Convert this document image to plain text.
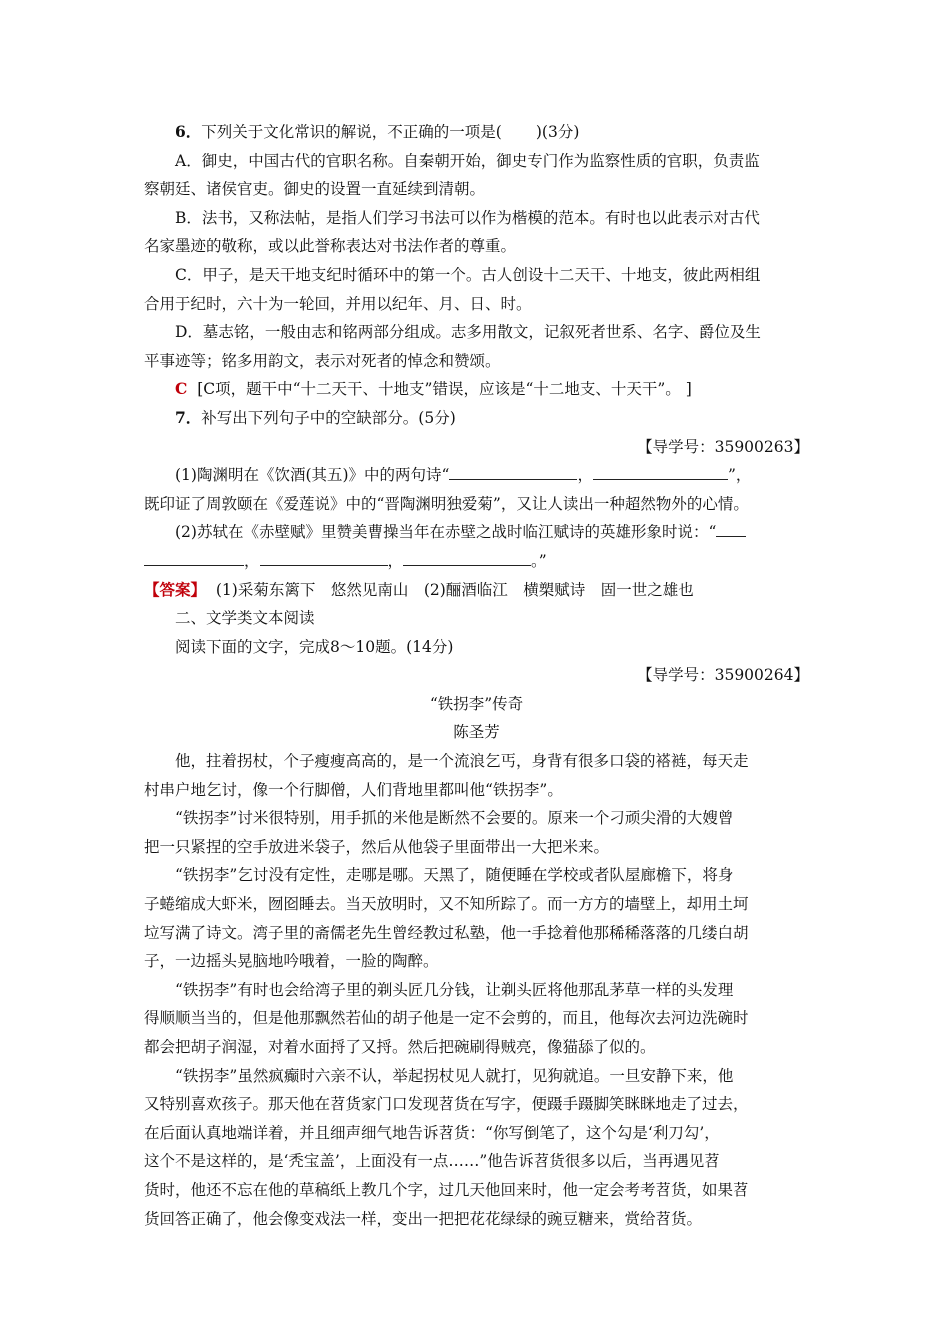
6．下列关于文化常识的解说，不正确的一项是( )(3分)
A．御史，中国古代的官职名称。自秦朝开始，御史专门作为监察性质的官职，负责监
察朝廷、诸侯官吏。御史的设置一直延续到清朝。
B．法书，又称法帖，是指人们学习书法可以作为楷模的范本。有时也以此表示对古代
名家墨迹的敬称，或以此誉称表达对书法作者的尊重。
C．甲子，是天干地支纪时循环中的第一个。古人创设十二天干、十地支，彼此两相组
合用于纪时，六十为一轮回，并用以纪年、月、日、时。
D．墓志铭，一般由志和铭两部分组成。志多用散文，记叙死者世系、名字、爵位及生
平事迹等；铭多用韵文，表示对死者的悼念和赞颂。
C [C项，题干中“十二天干、十地支”错误，应该是“十二地支、十天干”。 ]
7．补写出下列句子中的空缺部分。(5分)
【导学号：35900263】
(1)陶渊明在《饮酒(其五)》中的两句诗“	，	”，
既印证了周敦颐在《爱莲说》中的“晋陶渊明独爱菊”，又让人读出一种超然物外的心情。
(2)苏轼在《赤壁赋》里赞美曹操当年在赤壁之战时临江赋诗的英雄形象时说：“
，	，	。”
【答案】 (1)采菊东篱下　悠然见南山　(2)酾酒临江　横槊赋诗　固一世之雄也
二、文学类文本阅读
阅读下面的文字，完成8～10题。(14分)
【导学号：35900264】
“铁拐李”传奇
陈圣芳
他，拄着拐杖，个子瘦瘦高高的，是一个流浪乞丐，身背有很多口袋的褡裢，每天走
村串户地乞讨，像一个行脚僧，人们背地里都叫他“铁拐李”。
“铁拐李”讨米很特别，用手抓的米他是断然不会要的。原来一个刁顽尖滑的大嫂曾
把一只紧捏的空手放进米袋子，然后从他袋子里面带出一大把米来。
“铁拐李”乞讨没有定性，走哪是哪。天黑了，随便睡在学校或者队屋廊檐下，将身
子蜷缩成大虾米，囫囵睡去。当天放明时，又不知所踪了。而一方方的墙壁上，却用土坷
垃写满了诗文。湾子里的斋儒老先生曾经教过私塾，他一手捻着他那稀稀落落的几缕白胡
子，一边摇头晃脑地吟哦着，一脸的陶醉。
“铁拐李”有时也会给湾子里的剃头匠几分钱，让剃头匠将他那乱茅草一样的头发理
得顺顺当当的，但是他那飘然若仙的胡子他是一定不会剪的，而且，他每次去河边洗碗时
都会把胡子润湿，对着水面捋了又捋。然后把碗刷得贼亮，像猫舔了似的。
“铁拐李”虽然疯癫时六亲不认，举起拐杖见人就打，见狗就追。一旦安静下来，他
又特别喜欢孩子。那天他在苕货家门口发现苕货在写字，便蹑手蹑脚笑眯眯地走了过去，
在后面认真地端详着，并且细声细气地告诉苕货：“你写倒笔了，这个勾是‘利刀勾’，
这个不是这样的，是‘秃宝盖’，上面没有一点……”他告诉苕货很多以后，当再遇见苕
货时，他还不忘在他的草稿纸上教几个字，过几天他回来时，他一定会考考苕货，如果苕
货回答正确了，他会像变戏法一样，变出一把把花花绿绿的豌豆糖来，赏给苕货。
